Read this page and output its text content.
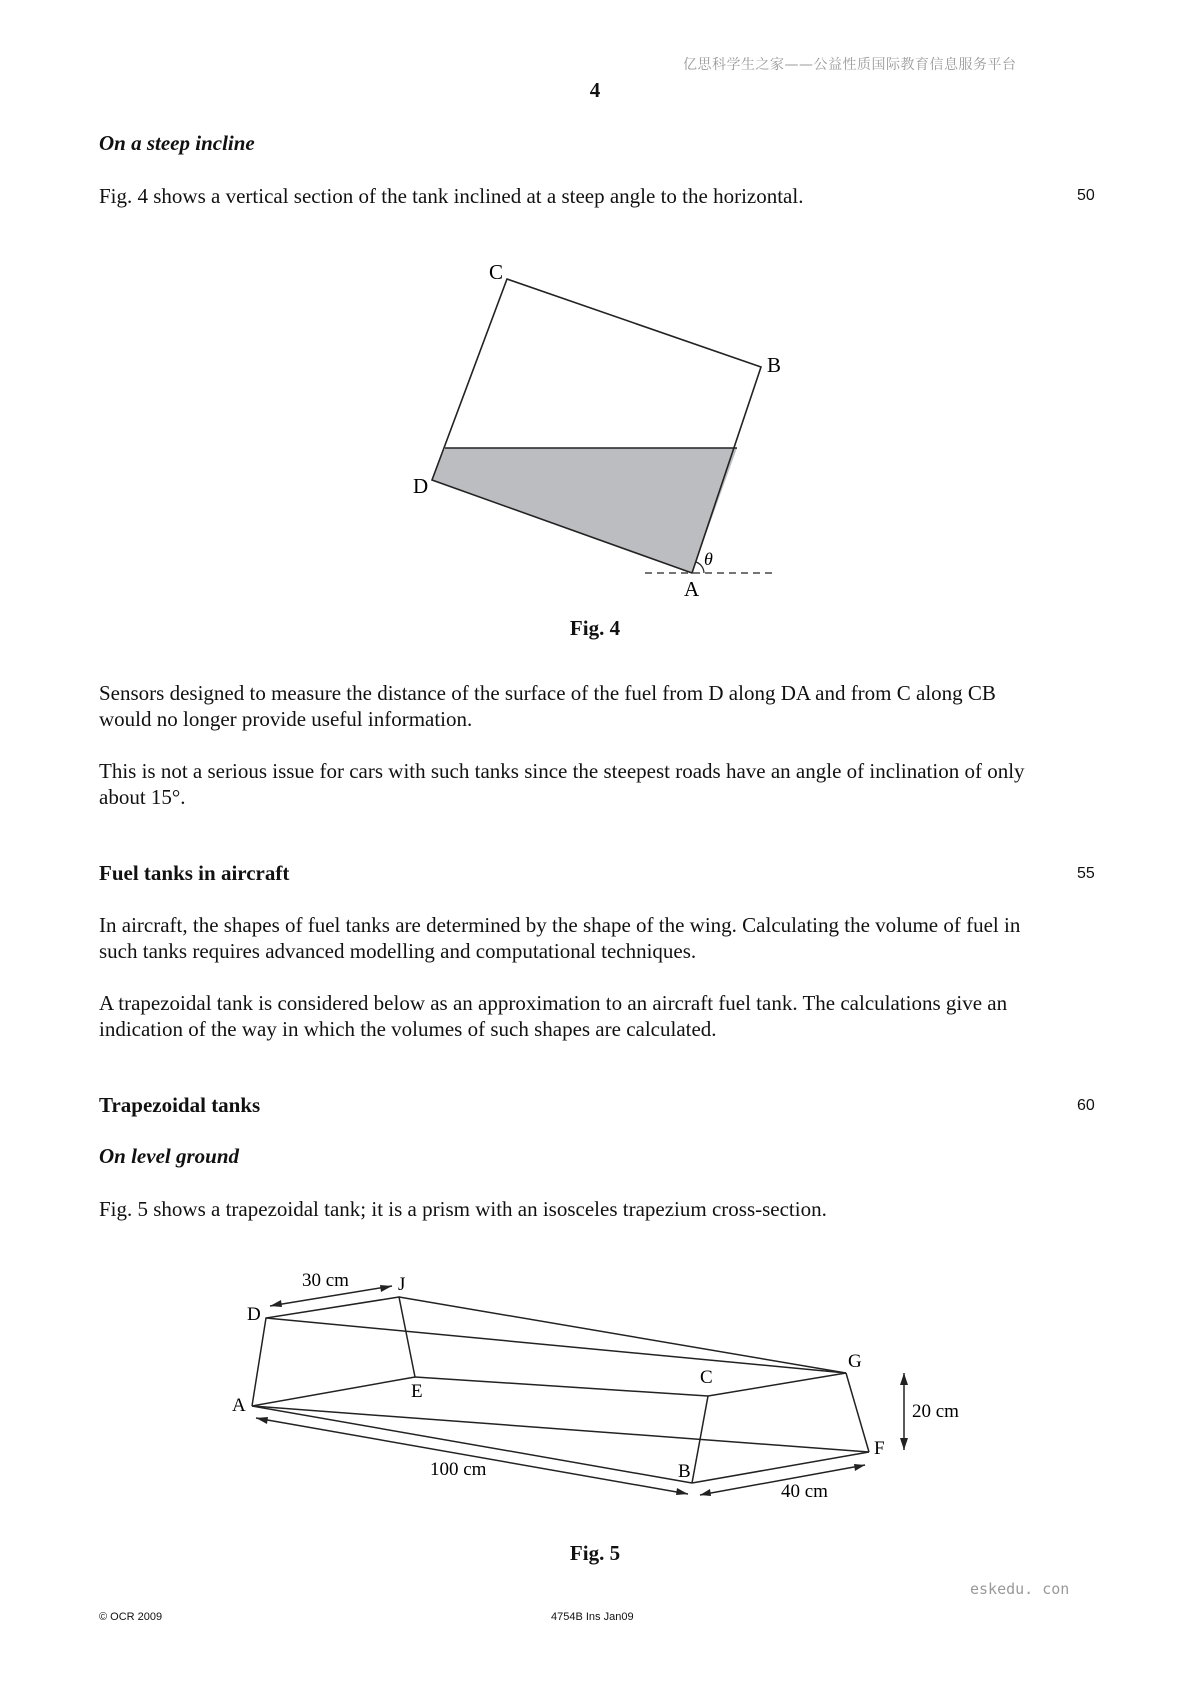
亿思科学生之家——公益性质国际教育信息服务平台
4
On a steep incline
Fig. 4 shows a vertical section of the tank inclined at a steep angle to the horizontal.	50
C
B
D
A
θ
Fig. 4
Sensors designed to measure the distance of the surface of the fuel from D along DA and from C along CB would no longer provide useful information.
This is not a serious issue for cars with such tanks since the steepest roads have an angle of inclination of only about 15°.
Fuel tanks in aircraft	55
In aircraft, the shapes of fuel tanks are determined by the shape of the wing. Calculating the volume of fuel in such tanks requires advanced modelling and computational techniques.
A trapezoidal tank is considered below as an approximation to an aircraft fuel tank. The calculations give an indication of the way in which the volumes of such shapes are calculated.
Trapezoidal tanks	60
On level ground
Fig. 5 shows a trapezoidal tank; it is a prism with an isosceles trapezium cross-section.
30 cm	J
D
G
C
E
A	20 cm
F
100 cm	B
40 cm
Fig. 5
eskedu. con
© OCR 2009	4754B Ins Jan09
